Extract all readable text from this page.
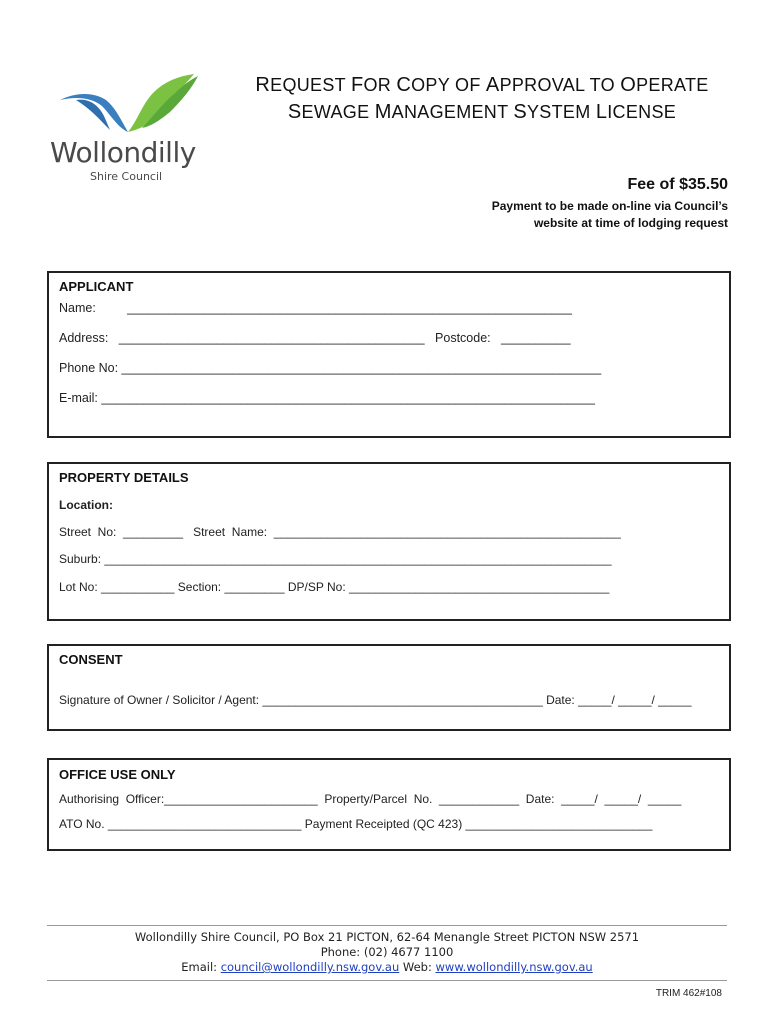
Wollondilly
Shire Council
REQUEST FOR COPY OF APPROVAL TO OPERATE
SEWAGE MANAGEMENT SYSTEM LICENSE
Fee of $35.50
Payment to be made on-line via Council’s
website at time of lodging request
APPLICANT
Name:         ________________________________________________________________
Address:   ____________________________________________   Postcode:   __________
Phone No: _____________________________________________________________________
E-mail: _______________________________________________________________________
PROPERTY DETAILS
Location:
Street  No:  _________   Street  Name:  ____________________________________________________
Suburb: ____________________________________________________________________________
Lot No: ___________ Section: _________ DP/SP No: _______________________________________
CONSENT
Signature of Owner / Solicitor / Agent: __________________________________________ Date: _____/ _____/ _____
OFFICE USE ONLY
Authorising  Officer:_______________________  Property/Parcel  No.  ____________  Date:  _____/  _____/  _____
ATO No. _____________________________ Payment Receipted (QC 423) ____________________________
Wollondilly Shire Council, PO Box 21 PICTON, 62-64 Menangle Street PICTON NSW 2571
Phone: (02) 4677 1100
Email: council@wollondilly.nsw.gov.au Web: www.wollondilly.nsw.gov.au
TRIM 462#108
